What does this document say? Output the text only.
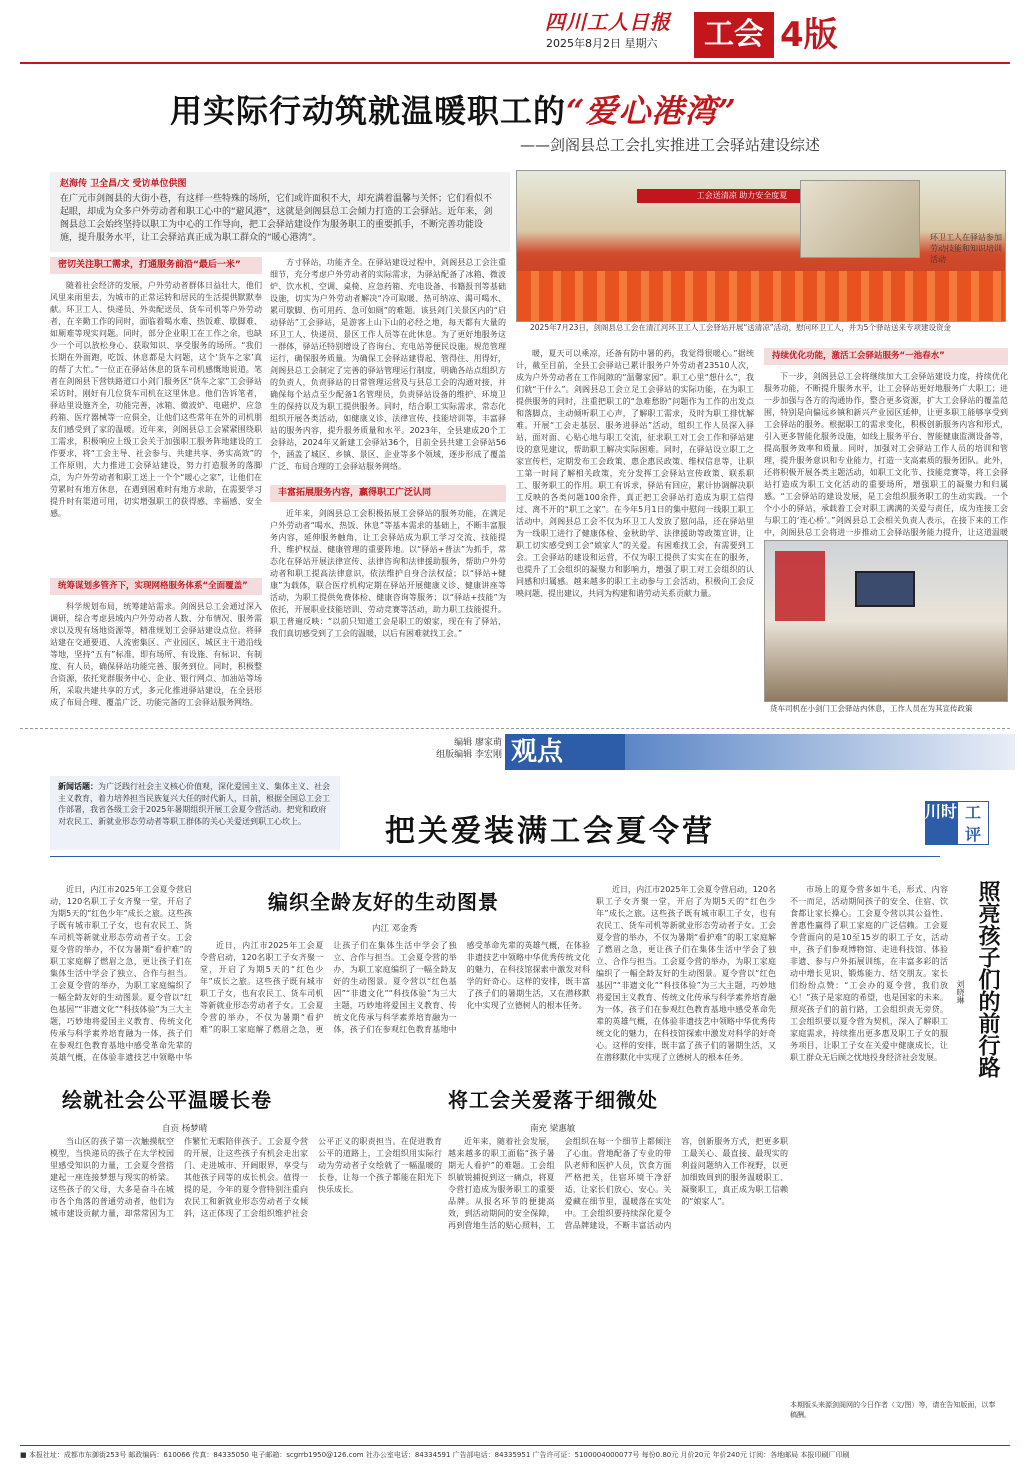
四川工人日报
2025年8月2日 星期六	工会 4版
用实际行动筑就温暖职工的“爱心港湾”
——剑阁县总工会扎实推进工会驿站建设综述
赵海传 卫全昌/文 受访单位供图
在广元市剑阁县的大街小巷，有这样一些特殊的场所，它们或许面积不大，却充满着温馨与关怀；它们看似不起眼，却成为众多户外劳动者和职工心中的“避风港”，这就是剑阁县总工会倾力打造的工会驿站。近年来，剑阁县总工会始终坚持以职工为中心的工作导向，把工会驿站建设作为服务职工的重要抓手，不断完善功能设施，提升服务水平，让工会驿站真正成为职工群众的“暖心港湾”。
工会送清凉 助力安全度夏
环卫工人在驿站参加劳动技能和知识培训活动
2025年7月23日，剑阁县总工会在清江河环卫工人工会驿站开展“送清凉”活动，慰问环卫工人，并为5个驿站送来专项建设资金
密切关注职工需求，打通服务前沿“最后一米”

随着社会经济的发展，户外劳动者群体日益壮大，他们风里来雨里去，为城市的正常运转和居民的生活提供默默奉献。环卫工人、快递员、外卖配送员、货车司机等户外劳动者，在辛勤工作的同时，面临着喝水难、热饭难、歇脚难、如厕难等现实问题。同时，部分企业职工在工作之余，也缺少一个可以放松身心、获取知识、享受服务的场所。“我们长期在外面跑，吃饭、休息都是大问题，这个‘货车之家’真的帮了大忙。”一位正在驿站休息的货车司机感慨地说道。笔者在剑阁县下营铁路道口小剑门服务区“货车之家”工会驿站采访时，刚好有几位货车司机在这里休息。他们告诉笔者，驿站里设施齐全，功能完善，冰箱、微波炉、电磁炉、应急药箱、医疗器械等一应俱全，让他们这些常年在外的司机朋友们感受到了家的温暖。近年来，剑阁县总工会紧紧围绕职工需求，积极响应上级工会关于加强职工服务阵地建设的工作要求，将“工会主导、社会参与、共建共享、务实高效”的工作原则，大力推进工会驿站建设，努力打造服务的落脚点，为户外劳动者和职工送上一个个“暖心之家”，让他们在劳累时有地方休息，在遇到困难时有地方求助，在需要学习提升时有渠道可用，切实增强职工的获得感、幸福感、安全感。

统筹谋划多管齐下，实现网格服务体系“全面覆盖”

科学规划布局，统筹建站需求。剑阁县总工会通过深入调研，综合考虑县域内户外劳动者人数、分布情况、服务需求以及现有场地资源等，精准规划工会驿站建设点位。将驿站建在交通要道、人流密集区、产业园区、城区主干道沿线等地，坚持“五有”标准，即有场所、有设施、有标识、有制度、有人员，确保驿站功能完善、服务到位。同时，积极整合资源，依托党群服务中心、企业、银行网点、加油站等场所，采取共建共享的方式，多元化推进驿站建设，在全县形成了布局合理、覆盖广泛、功能完备的工会驿站服务网络。

方寸驿站，功能齐全。在驿站建设过程中，剑阁县总工会注重细节，充分考虑户外劳动者的实际需求，为驿站配备了冰箱、微波炉、饮水机、空调、桌椅、应急药箱、充电设备、书籍报刊等基础设施，切实为户外劳动者解决“冷可取暖、热可纳凉、渴可喝水、累可歇脚、伤可用药、急可如厕”的难题。该县剑门关景区内的“启动驿站”工会驿站，是游客上山下山的必经之地，每天都有大量的环卫工人、快递员、景区工作人员等在此休息。为了更好地服务这一群体，驿站还特别增设了咨询台、充电站等便民设施。规范管理运行，确保服务质量。为确保工会驿站建得起、管得住、用得好，剑阁县总工会制定了完善的驿站管理运行制度，明确各站点组织方的负责人，负责驿站的日常管理运营及与县总工会的沟通对接，并确保每个站点至少配备1名管理员，负责驿站设备的维护、环境卫生的保持以及为职工提供服务。同时，结合职工实际需求，常态化组织开展各类活动，如健康义诊、法律宣传、技能培训等，丰富驿站的服务内容，提升服务质量和水平。2023年，全县建成20个工会驿站，2024年又新建工会驿站36个，目前全县共建工会驿站56个，涵盖了城区、乡镇、景区、企业等多个领域，逐步形成了覆盖广泛、布局合理的工会驿站服务网络。

丰富拓展服务内容，赢得职工广泛认同

近年来，剑阁县总工会积极拓展工会驿站的服务功能，在满足户外劳动者“喝水、热饭、休息”等基本需求的基础上，不断丰富服务内容，延伸服务触角，让工会驿站成为职工学习交流、技能提升、维护权益、健康管理的重要阵地。以“驿站+普法”为抓手，常态化在驿站开展法律宣传、法律咨询和法律援助服务，帮助户外劳动者和职工提高法律意识，依法维护自身合法权益；以“驿站+健康”为载体，联合医疗机构定期在驿站开展健康义诊、健康讲座等活动，为职工提供免费体检、健康咨询等服务；以“驿站+技能”为依托，开展职业技能培训、劳动竞赛等活动，助力职工技能提升。职工普遍反映：“以前只知道工会是职工的娘家，现在有了驿站，我们真切感受到了工会的温暖，以后有困难就找工会。”

暖，夏天可以乘凉，还备有防中暑的药，我觉得很暖心。”据统计，截至目前，全县工会驿站已累计服务户外劳动者23510人次，成为户外劳动者在工作间隙的“温馨家园”。职工心里“想什么”，我们就“干什么”。剑阁县总工会立足工会驿站的实际功能，在为职工提供服务的同时，注重把职工的“急难愁盼”问题作为工作的出发点和落脚点，主动倾听职工心声，了解职工需求，及时为职工排忧解难。开展“工会走基层、服务进驿站”活动，组织工作人员深入驿站，面对面、心贴心地与职工交流，征求职工对工会工作和驿站建设的意见建议，帮助职工解决实际困难。同时，在驿站设立职工之家宣传栏，定期发布工会政策、惠企惠民政策、维权信息等，让职工第一时间了解相关政策，充分发挥工会驿站宣传政策、联系职工、服务职工的作用。职工有诉求，驿站有回应，累计协调解决职工反映的各类问题100余件，真正把工会驿站打造成为职工信得过、离不开的“职工之家”。在今年5月1日的集中慰问一线职工职工活动中，剑阁县总工会不仅为环卫工人发放了慰问品，还在驿站里为一线职工进行了健康体检、金秋助学、法律援助等政策宣讲，让职工切实感受到工会“娘家人”的关爱。有困难找工会，有需要到工会。工会驿站的建设和运营，不仅为职工提供了实实在在的服务，也提升了工会组织的凝聚力和影响力，增强了职工对工会组织的认同感和归属感。越来越多的职工主动参与工会活动，积极向工会反映问题、提出建议，共同为构建和谐劳动关系贡献力量。

持续优化功能，激活工会驿站服务“一池春水”

下一步，剑阁县总工会将继续加大工会驿站建设力度，持续优化服务功能，不断提升服务水平，让工会驿站更好地服务广大职工；进一步加强与各方的沟通协作，整合更多资源，扩大工会驿站的覆盖范围，特别是向偏远乡镇和新兴产业园区延伸，让更多职工能够享受到工会驿站的服务。根据职工的需求变化，积极创新服务内容和形式，引入更多智能化服务设施，如线上服务平台、智能健康监测设备等，提高服务效率和质量。同时，加强对工会驿站工作人员的培训和管理，提升服务意识和专业能力，打造一支高素质的服务团队。此外，还将积极开展各类主题活动，如职工文化节、技能竞赛等，将工会驿站打造成为职工文化活动的重要场所，增强职工的凝聚力和归属感。“工会驿站的建设发展，是工会组织服务职工的生动实践。一个个小小的驿站，承载着工会对职工满满的关爱与责任，成为连接工会与职工的‘连心桥’。”剑阁县总工会相关负责人表示，在接下来的工作中，剑阁县总工会将进一步推动工会驿站服务能力提升，让这道温暖

货车司机在小剑门工会驿站内休息，工作人员在为其宣传政策
编辑 廖家萌
组版编辑 李宏刚 观点
新闻话题：为广泛践行社会主义核心价值观，深化爱国主义、集体主义、社会主义教育，着力培养担当民族复兴大任的时代新人，日前，根据全国总工会工作部署，我省各级工会于2025年暑期组织开展工会夏令营活动。把党和政府对农民工、新就业形态劳动者等职工群体的关心关爱送到职工心坎上。	把关爱装满工会夏令营
川时 工评
编织全龄友好的生动图景
内江 邓金秀

近日，内江市2025年工会夏令营启动，120名职工子女齐聚一堂，开启了为期5天的“红色少年”成长之旅。这些孩子既有城市职工子女，也有农民工、货车司机等新就业形态劳动者子女。工会夏令营的举办，不仅为暑期“看护难”的职工家庭解了燃眉之急，更让孩子们在集体生活中学会了独立、合作与担当。工会夏令营的举办，为职工家庭编织了一幅全龄友好的生动图景。夏令营以“红色基因”“非遗文化”“科技体验”为三大主题，巧妙地将爱国主义教育、传统文化传承与科学素养培育融为一体，孩子们在参观红色教育基地中感受革命先辈的英雄气概，在体验非遗技艺中领略中华

近日，内江市2025年工会夏令营启动，120名职工子女齐聚一堂，开启了为期5天的“红色少年”成长之旅。这些孩子既有城市职工子女，也有农民工、货车司机等新就业形态劳动者子女。工会夏令营的举办，不仅为暑期“看护难”的职工家庭解了燃眉之急，更让孩子们在集体生活中学会了独立、合作与担当。工会夏令营的举办，为职工家庭编织了一幅全龄友好的生动图景。夏令营以“红色基因”“非遗文化”“科技体验”为三大主题，巧妙地将爱国主义教育、传统文化传承与科学素养培育融为一体，孩子们在参观红色教育基地中感受革命先辈的英雄气概，在体验非遗技艺中领略中华优秀传统文化的魅力，在科技馆探索中激发对科学的好奇心。这样的安排，既丰富了孩子们的暑期生活，又在潜移默化中实现了立德树人的根本任务。

绘就社会公平温暖长卷
自贡 杨梦晴

当山区的孩子第一次触摸航空模型，当快递员的孩子在大学校园里感受知识的力量，工会夏令营搭建起一座连接梦想与现实的桥梁。这些孩子的父母，大多是奋斗在城市各个角落的普通劳动者，他们为城市建设贡献力量，却常常因为工作繁忙无暇陪伴孩子。工会夏令营的开展，让这些孩子有机会走出家门、走进城市、开阔眼界，享受与其他孩子同等的成长机会。值得一提的是，今年的夏令营特别注重向农民工和新就业形态劳动者子女倾斜，这正体现了工会组织维护社会公平正义的职责担当。在促进教育公平的道路上，工会组织用实际行动为劳动者子女绘就了一幅温暖的长卷，让每一个孩子都能在阳光下快乐成长。

将工会关爱落于细微处
南充 梁惠敏

近年来，随着社会发展，越来越多的职工面临“孩子暑期无人看护”的难题。工会组织敏锐捕捉到这一痛点，将夏令营打造成为服务职工的重要品牌。从报名环节的便捷高效，到活动期间的安全保障，再到营地生活的贴心照料，工会组织在每一个细节上都倾注了心血。营地配备了专业的带队老师和医护人员，饮食方面严格把关，住宿环境干净舒适，让家长们放心、安心。关爱藏在细节里，温暖落在实处中。工会组织要持续深化夏令营品牌建设，不断丰富活动内容，创新服务方式，把更多职工最关心、最直接、最现实的利益问题纳入工作视野，以更加细致周到的服务温暖职工、凝聚职工，真正成为职工信赖的“娘家人”。

近日，内江市2025年工会夏令营启动，120名职工子女齐聚一堂，开启了为期5天的“红色少年”成长之旅。这些孩子既有城市职工子女，也有农民工、货车司机等新就业形态劳动者子女。工会夏令营的举办，不仅为暑期“看护难”的职工家庭解了燃眉之急，更让孩子们在集体生活中学会了独立、合作与担当。工会夏令营的举办，为职工家庭编织了一幅全龄友好的生动图景。夏令营以“红色基因”“非遗文化”“科技体验”为三大主题，巧妙地将爱国主义教育、传统文化传承与科学素养培育融为一体，孩子们在参观红色教育基地中感受革命先辈的英雄气概，在体验非遗技艺中领略中华优秀传统文化的魅力，在科技馆探索中激发对科学的好奇心。这样的安排，既丰富了孩子们的暑期生活，又在潜移默化中实现了立德树人的根本任务。

市场上的夏令营多如牛毛，形式、内容不一而足，活动期间孩子的安全、住宿、饮食都让家长操心。工会夏令营以其公益性、普惠性赢得了职工家庭的广泛信赖。工会夏令营面向的是10至15岁的职工子女，活动中，孩子们参观博物馆、走进科技馆、体验非遗、参与户外拓展训练，在丰富多彩的活动中增长见识、锻炼能力、结交朋友。家长们纷纷点赞：“工会办的夏令营，我们放心！”孩子是家庭的希望，也是国家的未来。照亮孩子们的前行路，工会组织责无旁贷。工会组织要以夏令营为契机，深入了解职工家庭需求，持续推出更多惠及职工子女的服务项目，让职工子女在关爱中健康成长，让职工群众无后顾之忧地投身经济社会发展。 照亮孩子们的前行路
刘晓琳
本期版头来源剑阁网的今日作者（文/图）等，请在告知版面，以奉稿酬。
■ 本报社址：成都市东御街253号 邮政编码：610066 传真：84335050 电子邮箱：scgrrb1950@126.com 社办公室电话：84334591 广告部电话：84335951 广告许可证：5100004000077号 每份0.80元 月价20元 年价240元 订阅：各地邮局 本报印刷厂印刷
